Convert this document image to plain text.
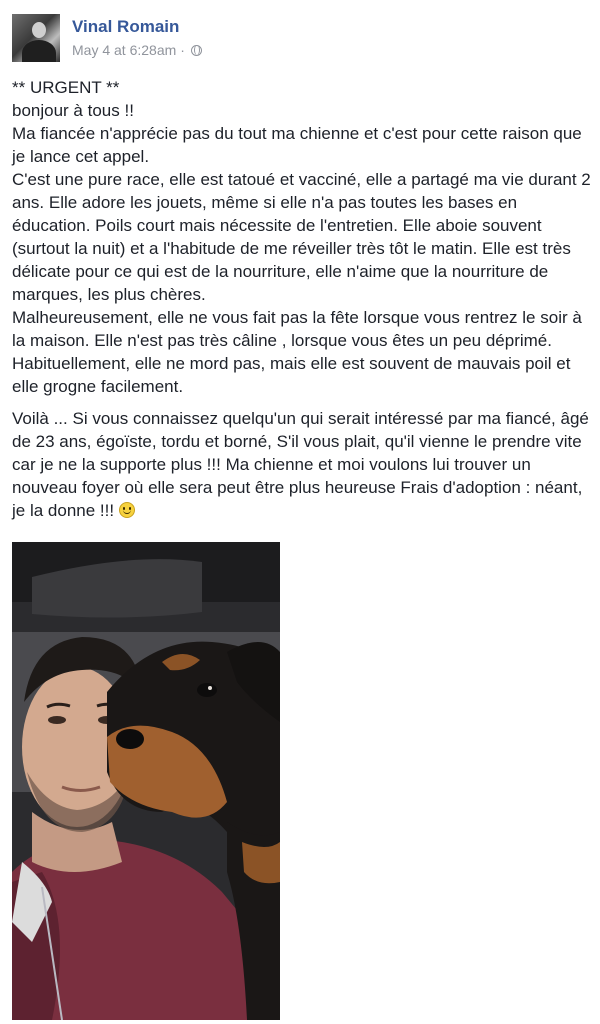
Vinal Romain
May 4 at 6:28am ·

** URGENT **

bonjour à tous !!

Ma fiancée n'apprécie pas du tout ma chienne et c'est pour cette raison que je lance cet appel.

C'est une pure race, elle est tatoué et vacciné, elle a partagé ma vie durant 2 ans. Elle adore les jouets, même si elle n'a pas toutes les bases en éducation. Poils court mais nécessite de l'entretien. Elle aboie souvent (surtout la nuit) et a l'habitude de me réveiller très tôt le matin. Elle est très délicate pour ce qui est de la nourriture, elle n'aime que la nourriture de marques, les plus chères.

Malheureusement, elle ne vous fait pas la fête lorsque vous rentrez le soir à la maison. Elle n'est pas très câline , lorsque vous êtes un peu déprimé. Habituellement, elle ne mord pas, mais elle est souvent de mauvais poil et elle grogne facilement.

Voilà ... Si vous connaissez quelqu'un qui serait intéressé par ma fiancé, âgé de 23 ans, égoïste, tordu et borné, S'il vous plait, qu'il vienne le prendre vite car je ne la supporte plus !!! Ma chienne et moi voulons lui trouver un nouveau foyer où elle sera peut être plus heureuse Frais d'adoption : néant, je la donne !!!
